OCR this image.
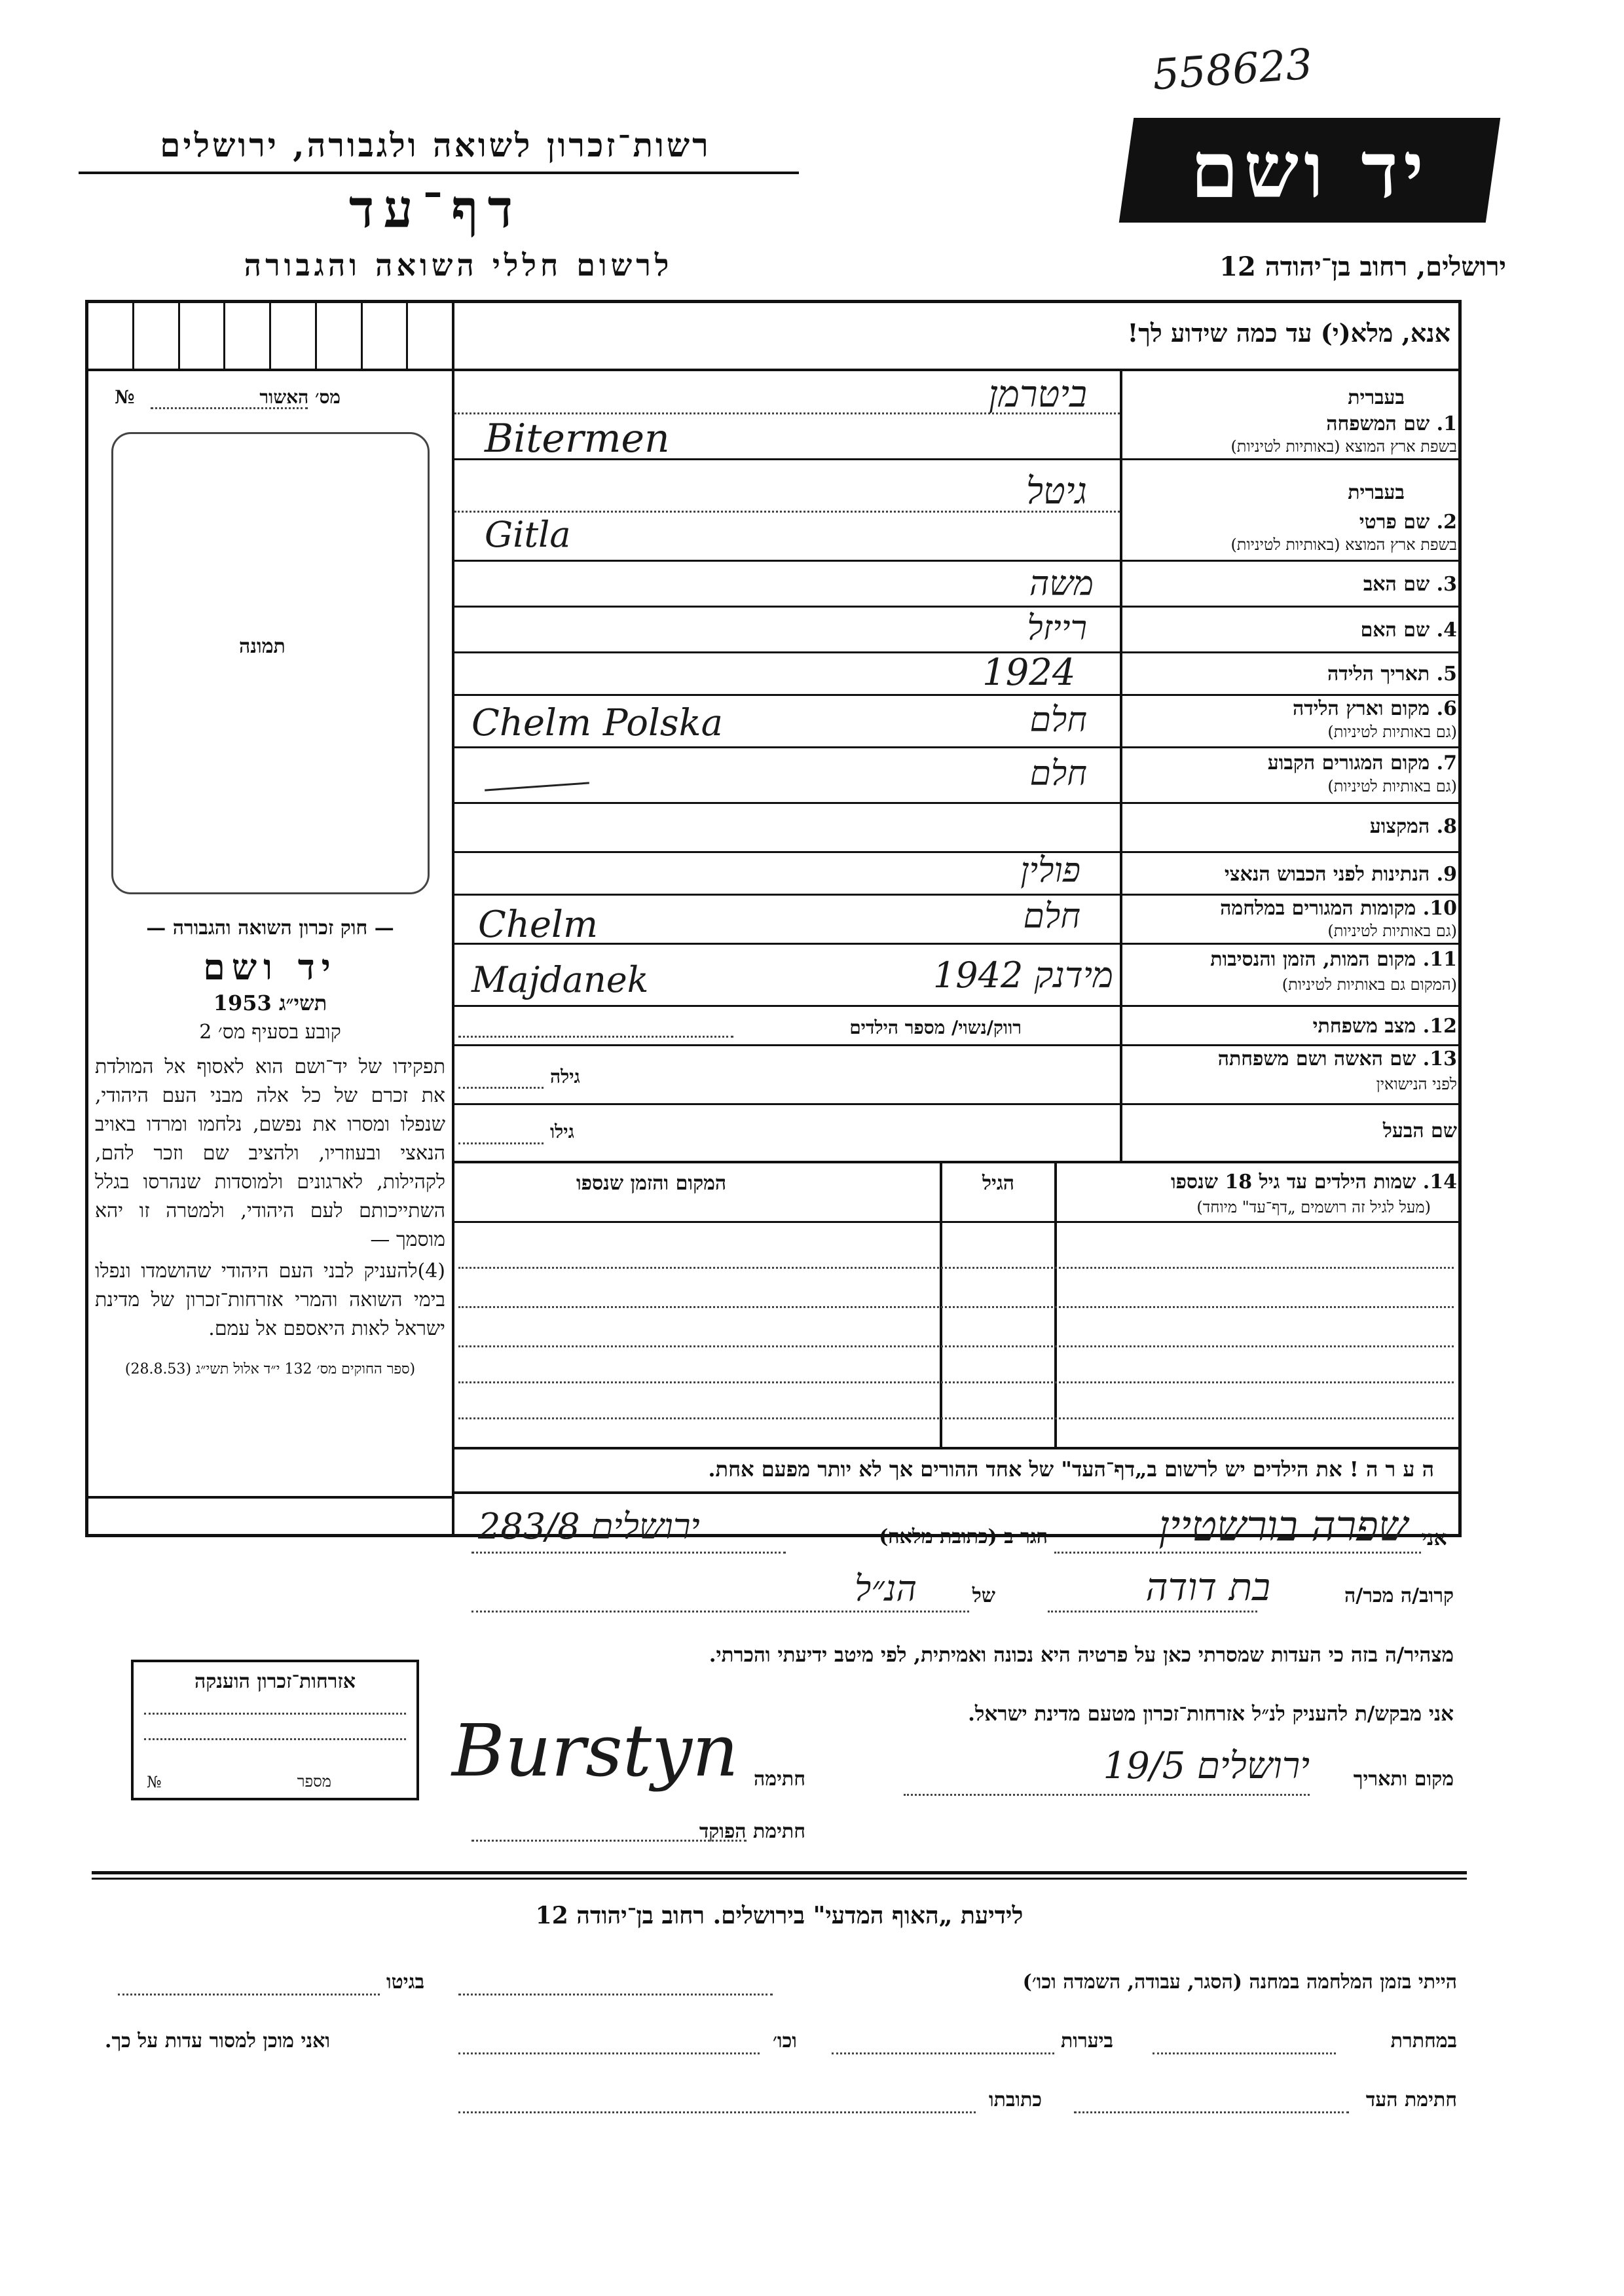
558623
רשות־זכרון לשואה ולגבורה, ירושלים
דף־עד
לרשום חללי השואה והגבורה
יד ושם
ירושלים, רחוב בן־יהודה 12
אנא, מלא(י) עד כמה שידוע לך!
מס׳ האשור
№
תמונה
בעברית
1. שם המשפחה
בשפת ארץ המוצא (באותיות לטיניות)
ביטרמן
Bitermen
בעברית
2. שם פרטי
בשפת ארץ המוצא (באותיות לטיניות)
גיטל
Gitla
3. שם האב
משה
4. שם האם
רייזל
5. תאריך הלידה
1924
6. מקום וארץ הלידה
(גם באותיות לטיניות)
חלם
Chelm Polska
7. מקום המגורים הקבוע
(גם באותיות לטיניות)
חלם
8. המקצוע
9. הנתינות לפני הכבוש הנאצי
פולין
10. מקומות המגורים במלחמה
(גם באותיות לטיניות)
חלם
Chelm
11. מקום המות, הזמן והנסיבות
(המקום גם באותיות לטיניות)
מידנק 1942
Majdanek
12. מצב משפחתי
רווק/נשוי/ מספר הילדים
13. שם האשה ושם משפחתה
לפני הנישואין
גילה
שם הבעל
גילו
14. שמות הילדים עד גיל 18 שנספו
(מעל לגיל זה רושמים „דף־עד" מיוחד)
הגיל
המקום והזמן שנספו
ה ע ר ה ! את הילדים יש לרשום ב„דף־העד" של אחד ההורים אך לא יותר מפעם אחת.
— חוק זכרון השואה והגבורה —
יד ושם
תשי״ג 1953
קובע בסעיף מס׳ 2
תפקידו של יד־ושם הוא לאסוף אל המולדת את זכרם של כל אלה מבני העם היהודי, שנפלו ומסרו את נפשם, נלחמו ומרדו באויב הנאצי ובעוזריו, ולהציב שם וזכר להם, לקהילות, לארגונים ולמוסדות שנהרסו בגלל השתייכותם לעם היהודי, ולמטרה זו יהא מוסמך —
(4)להעניק לבני העם היהודי שהושמדו ונפלו בימי השואה והמרי אזרחות־זכרון של מדינת ישראל לאות היאספם אל עמם.
(ספר החוקים מס׳ 132 י״ד אלול תשי״ג (28.8.53)
אני
שפרה בורשטיין
הגר ב (כתובת מלאה)
ירושלים 283/8
קרוב/ה מכר/ה
בת דודה
של
הנ״ל
מצהיר/ה בזה כי העדות שמסרתי כאן על פרטיה היא נכונה ואמיתית, לפי מיטב ידיעתי והכרתי.
אני מבקש/ת להעניק לנ״ל אזרחות־זכרון מטעם מדינת ישראל.
מקום ותאריך
ירושלים 19/5
חתימה
Burstyn
חתימת הפוקד
אזרחות־זכרון הוענקה
מספר
№
לידיעת „האוף המדעי" בירושלים. רחוב בן־יהודה 12
הייתי בזמן המלחמה במחנה (הסגר, עבודה, השמדה וכו׳)
בגיטו
במחתרת
ביערות
וכו׳
ואני מוכן למסור עדות על כך.
חתימת העד
כתובתו
